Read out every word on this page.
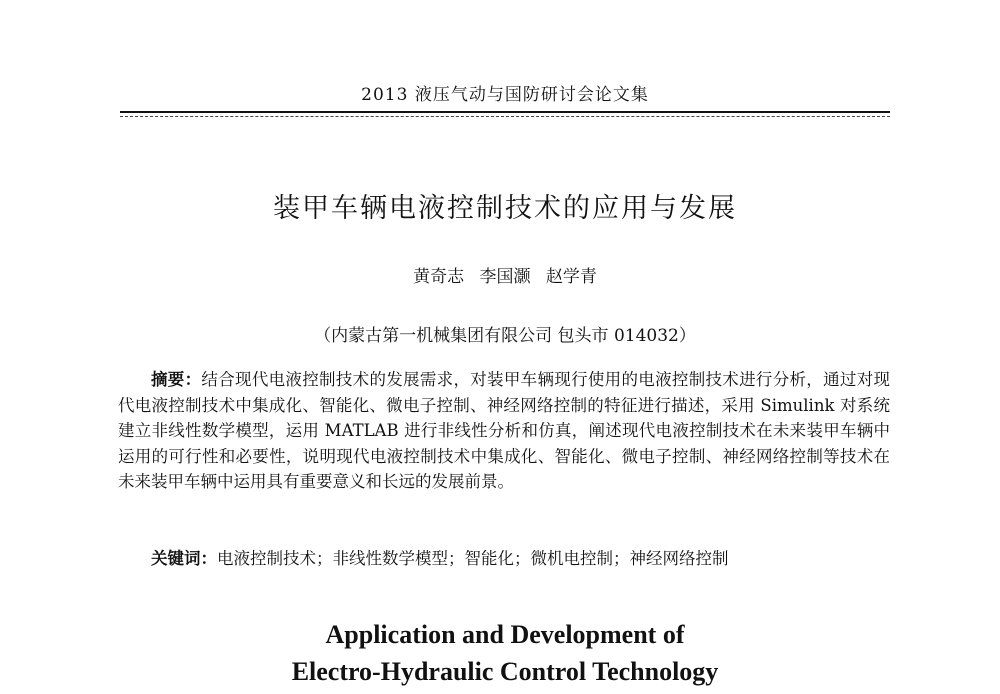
2013 液压气动与国防研讨会论文集
装甲车辆电液控制技术的应用与发展
黄奇志 李国灏 赵学青
（内蒙古第一机械集团有限公司 包头市 014032）
摘要：结合现代电液控制技术的发展需求，对装甲车辆现行使用的电液控制技术进行分析，通过对现代电液控制技术中集成化、智能化、微电子控制、神经网络控制的特征进行描述，采用 Simulink 对系统建立非线性数学模型，运用 MATLAB 进行非线性分析和仿真，阐述现代电液控制技术在未来装甲车辆中运用的可行性和必要性，说明现代电液控制技术中集成化、智能化、微电子控制、神经网络控制等技术在未来装甲车辆中运用具有重要意义和长远的发展前景。
关键词：电液控制技术；非线性数学模型；智能化；微机电控制；神经网络控制
Application and Development of
Electro-Hydraulic Control Technology
